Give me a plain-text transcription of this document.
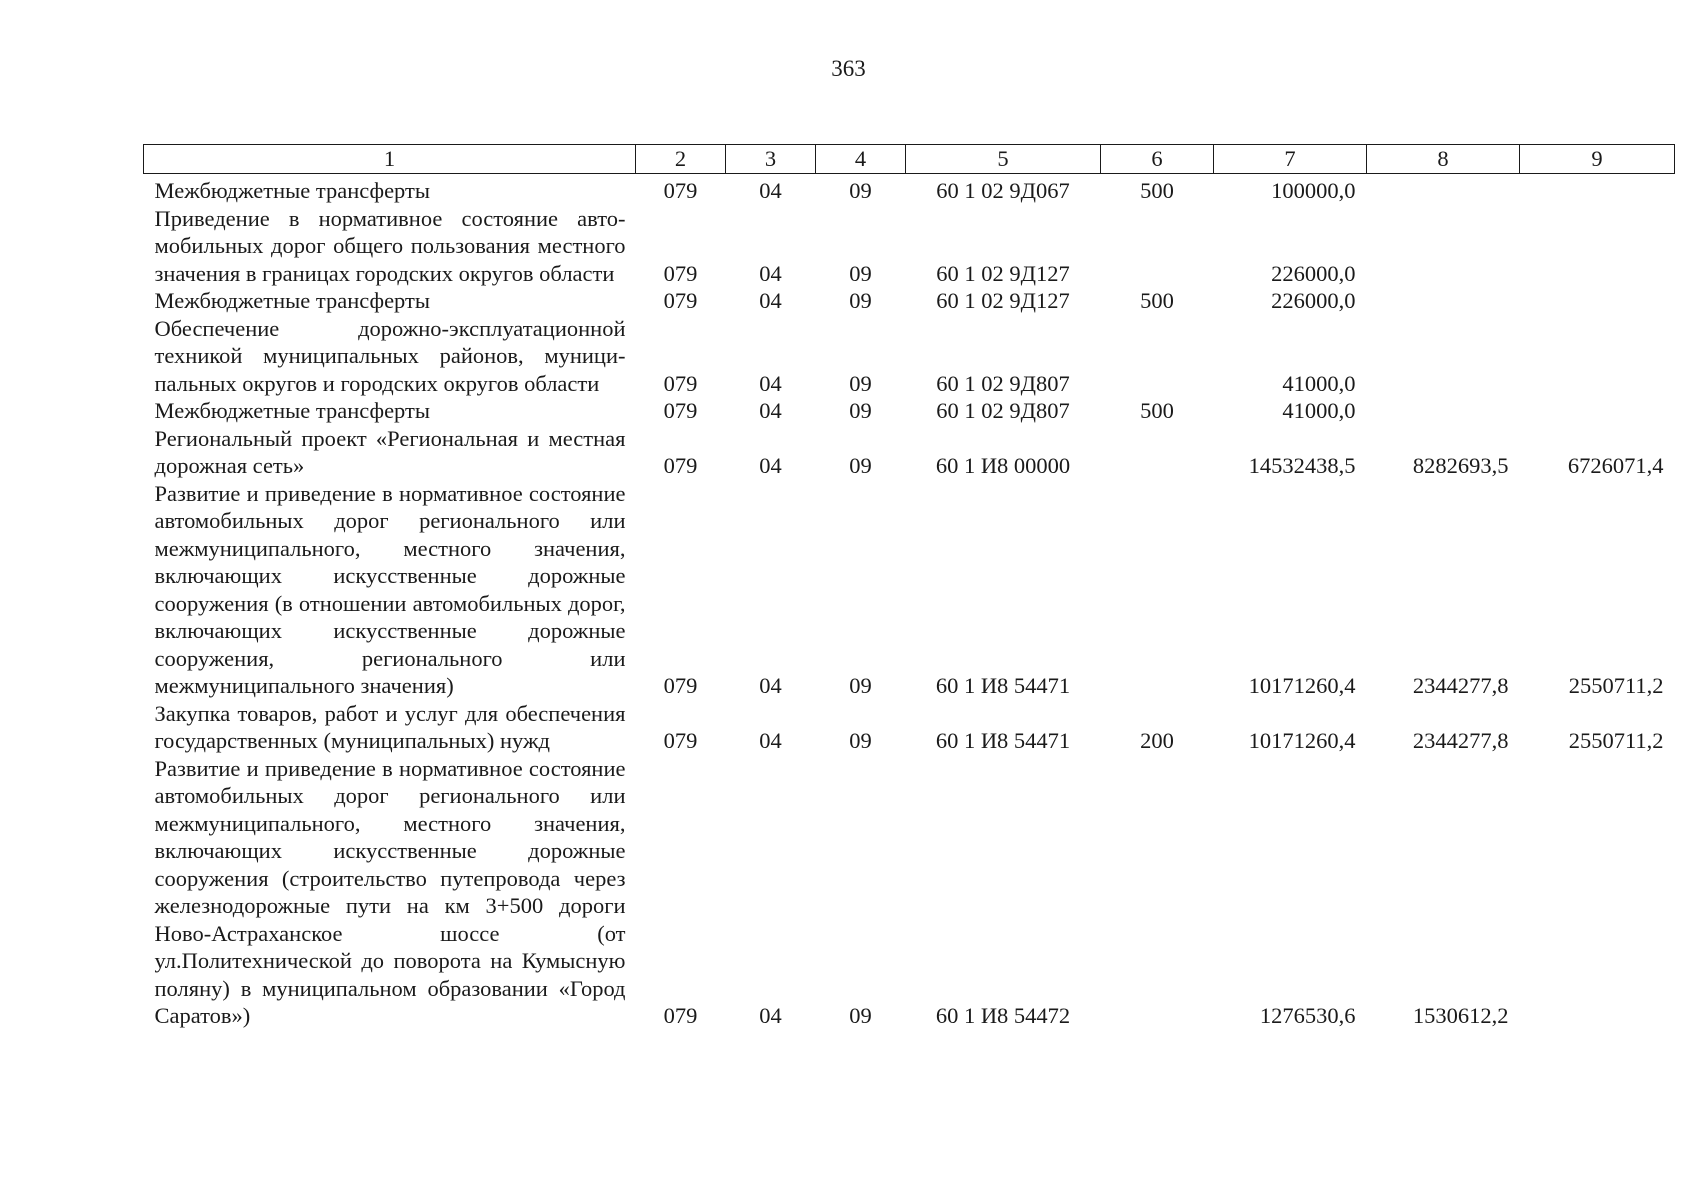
363
1	2	3	4	5	6	7	8	9
Межбюджетные трансферты	079	04	09	60 1 02 9Д067	500	100000,0		
Приведение в нормативное состояние автомобильных дорог общего пользования местного значения в границах городских округов области	079	04	09	60 1 02 9Д127		226000,0		
Межбюджетные трансферты	079	04	09	60 1 02 9Д127	500	226000,0		
Обеспечение дорожно-эксплуатационной техникой муниципальных районов, муниципальных округов и городских округов области	079	04	09	60 1 02 9Д807		41000,0		
Межбюджетные трансферты	079	04	09	60 1 02 9Д807	500	41000,0		
Региональный проект «Региональная и местная дорожная сеть»	079	04	09	60 1 И8 00000		14532438,5	8282693,5	6726071,4
Развитие и приведение в нормативное состояние автомобильных дорог регионального или межмуниципального, местного значения, включающих искусственные дорожные сооружения (в отношении автомобильных дорог, включающих искусственные дорожные сооружения, регионального или межмуниципального значения)	079	04	09	60 1 И8 54471		10171260,4	2344277,8	2550711,2
Закупка товаров, работ и услуг для обеспечения государственных (муниципальных) нужд	079	04	09	60 1 И8 54471	200	10171260,4	2344277,8	2550711,2
Развитие и приведение в нормативное состояние автомобильных дорог регионального или межмуниципального, местного значения, включающих искусственные дорожные сооружения (строительство путепровода через железнодорожные пути на км 3+500 дороги Ново-Астраханское шоссе (от ул.Политехнической до поворота на Кумысную поляну) в муниципальном образовании «Город Саратов»)	079	04	09	60 1 И8 54472		1276530,6	1530612,2	
